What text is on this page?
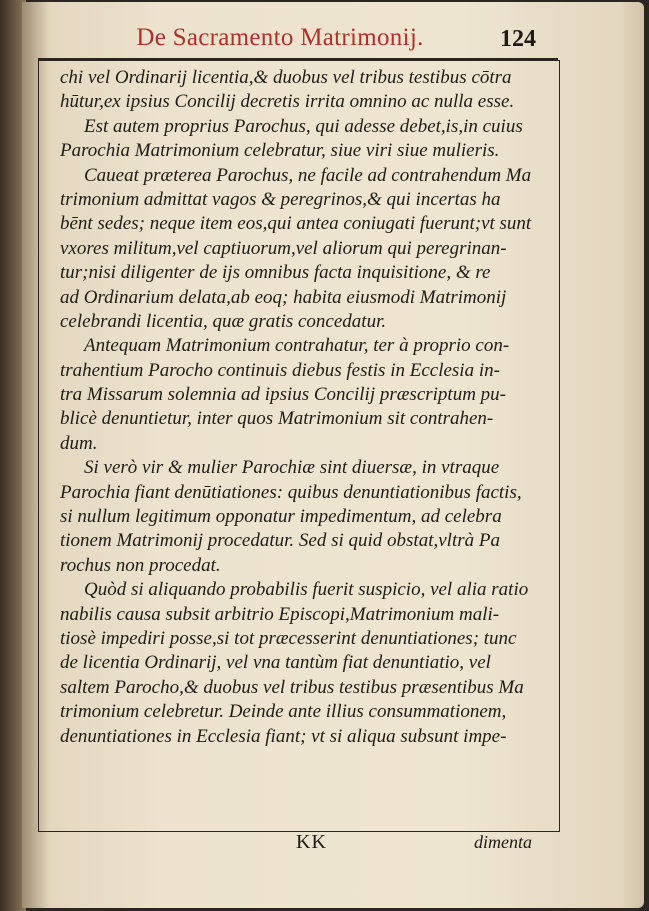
De Sacramento Matrimonij.	124
chi vel Ordinarij licentia,& duobus vel tribus testibus cōtra
hūtur,ex ipsius Concilij decretis irrita omnino ac nulla esse.
Est autem proprius Parochus, qui adesse debet,is,in cuius
Parochia Matrimonium celebratur, siue viri siue mulieris.
Caueat præterea Parochus, ne facile ad contrahendum Ma
trimonium admittat vagos & peregrinos,& qui incertas ha
bēnt sedes; neque item eos,qui antea coniugati fuerunt;vt sunt
vxores militum,vel captiuorum,vel aliorum qui peregrinan-
tur;nisi diligenter de ijs omnibus facta inquisitione, & re
ad Ordinarium delata,ab eoq; habita eiusmodi Matrimonij
celebrandi licentia, quæ gratis concedatur.
Antequam Matrimonium contrahatur, ter à proprio con-
trahentium Parocho continuis diebus festis in Ecclesia in-
tra Missarum solemnia ad ipsius Concilij præscriptum pu-
blicè denuntietur, inter quos Matrimonium sit contrahen-
dum.
Si verò vir & mulier Parochiæ sint diuersæ, in vtraque
Parochia fiant denūtiationes: quibus denuntiationibus factis,
si nullum legitimum opponatur impedimentum, ad celebra
tionem Matrimonij procedatur. Sed si quid obstat,vltrà Pa
rochus non procedat.
Quòd si aliquando probabilis fuerit suspicio, vel alia ratio
nabilis causa subsit arbitrio Episcopi,Matrimonium mali-
tiosè impediri posse,si tot præcesserint denuntiationes; tunc
de licentia Ordinarij, vel vna tantùm fiat denuntiatio, vel
saltem Parocho,& duobus vel tribus testibus præsentibus Ma
trimonium celebretur. Deinde ante illius consummationem,
denuntiationes in Ecclesia fiant; vt si aliqua subsunt impe-
KK	dimenta
